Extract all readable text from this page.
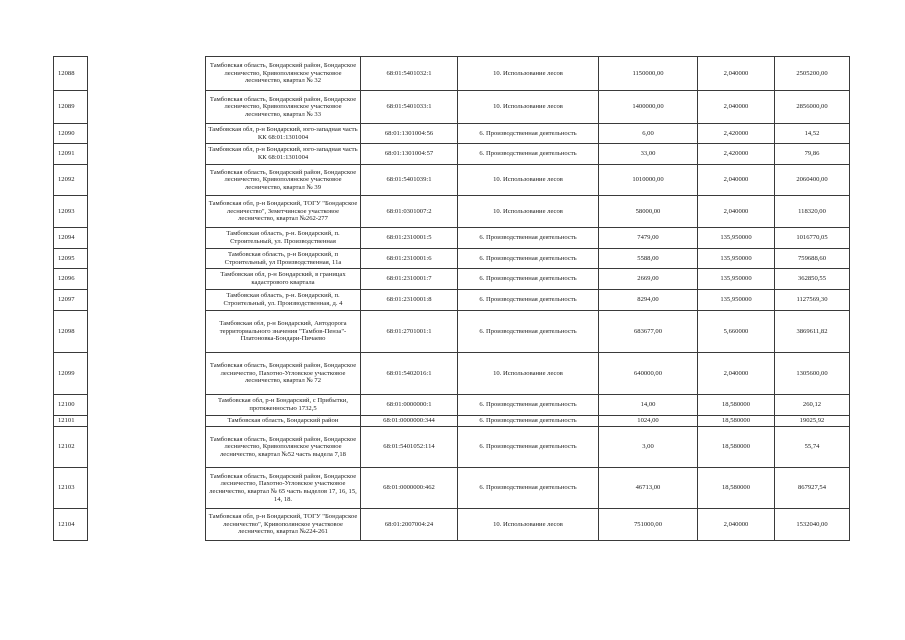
12088		Тамбовская область, Бондарский район, Бондарское лесничество, Кривополянское участковое лесничество, квартал № 32	68:01:5401032:1	10. Использование лесов	1150000,00	2,040000	2505200,00
12089		Тамбовская область, Бондарский район, Бондарское лесничество, Кривополянское участковое лесничество, квартал № 33	68:01:5401033:1	10. Использование лесов	1400000,00	2,040000	2856000,00
12090		Тамбовская обл, р-н Бондарский, юго-западная часть КК 68:01:1301004	68:01:1301004:56	6. Производственная деятельность	6,00	2,420000	14,52
12091		Тамбовская обл, р-н Бондарский, юго-западная часть КК 68:01:1301004	68:01:1301004:57	6. Производственная деятельность	33,00	2,420000	79,86
12092		Тамбовская область, Бондарский район, Бондарское лесничество, Кривополянское участковое лесничество, квартал № 39	68:01:5401039:1	10. Использование лесов	1010000,00	2,040000	2060400,00
12093		Тамбовская обл, р-н Бондарский, ТОГУ "Бондарское лесничество", Земетчинское участковое лесничество, квартал №262-277	68:01:0301007:2	10. Использование лесов	58000,00	2,040000	118320,00
12094		Тамбовская область, р-н. Бондарский, п. Строительный, ул. Производственная	68:01:2310001:5	6. Производственная деятельность	7479,00	135,950000	1016770,05
12095		Тамбовская область, р-н Бондарский, п Строительный, ул Производственная, 11а	68:01:2310001:6	6. Производственная деятельность	5588,00	135,950000	759688,60
12096		Тамбовская обл, р-н Бондарский, в границах кадастрового квартала	68:01:2310001:7	6. Производственная деятельность	2669,00	135,950000	362850,55
12097		Тамбовская область, р-н. Бондарский, п. Строительный, ул. Производственная, д. 4	68:01:2310001:8	6. Производственная деятельность	8294,00	135,950000	1127569,30
12098		Тамбовская обл, р-н Бондарский, Автодорога территориального значения "Тамбов-Пенза"-Платоновка-Бондари-Пичаево	68:01:2701001:1	6. Производственная деятельность	683677,00	5,660000	3869611,82
12099		Тамбовская область, Бондарский район, Бондарское лесничество, Пахотно-Угловское участковое лесничество, квартал № 72	68:01:5402016:1	10. Использование лесов	640000,00	2,040000	1305600,00
12100		Тамбовская обл, р-н Бондарский, с Прибытки, протяженностью 1732,5	68:01:0000000:1	6. Производственная деятельность	14,00	18,580000	260,12
12101		Тамбовская область, Бондарский район	68:01:0000000:344	6. Производственная деятельность	1024,00	18,580000	19025,92
12102		Тамбовская область, Бондарский район, Бондарское лесничество, Кривополянское участковое лесничество, квартал №52 часть выдела 7,18	68:01:5401052:114	6. Производственная деятельность	3,00	18,580000	55,74
12103		Тамбовская область, Бондарский район, Бондарское лесничество, Пахотно-Угловское участковое лесничество, квартал № 65 часть выделов 17, 16, 15, 14, 18.	68:01:0000000:462	6. Производственная деятельность	46713,00	18,580000	867927,54
12104		Тамбовская обл, р-н Бондарский, ТОГУ "Бондарское лесничество", Кривополянское участковое лесничество, квартал №224-261	68:01:2007004:24	10. Использование лесов	751000,00	2,040000	1532040,00
